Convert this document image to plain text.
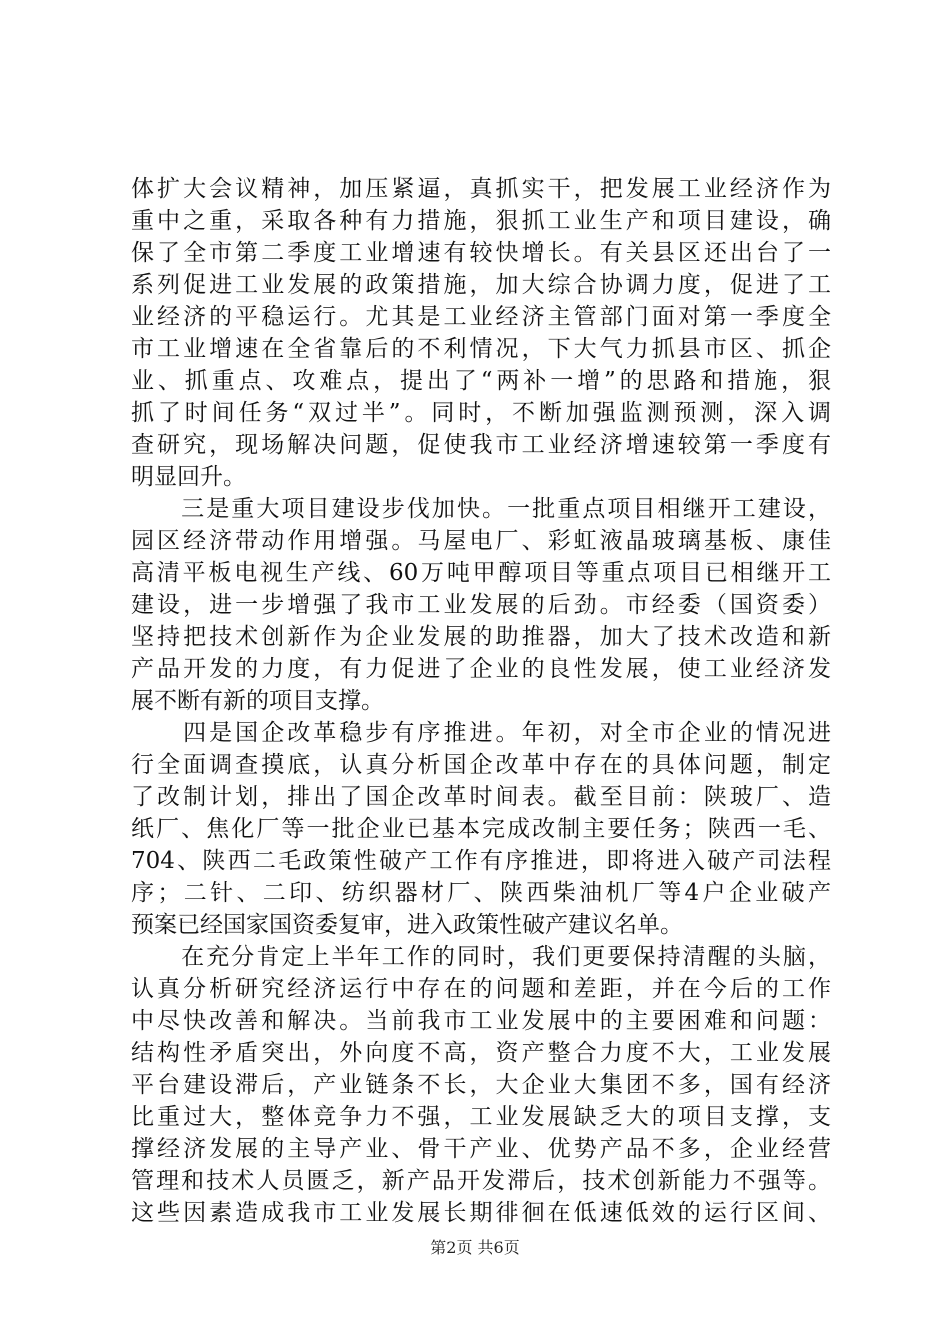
体扩大会议精神，加压紧逼，真抓实干，把发展工业经济作为
重中之重，采取各种有力措施，狠抓工业生产和项目建设，确
保了全市第二季度工业增速有较快增长。有关县区还出台了一
系列促进工业发展的政策措施，加大综合协调力度，促进了工
业经济的平稳运行。尤其是工业经济主管部门面对第一季度全
市工业增速在全省靠后的不利情况，下大气力抓县市区、抓企
业、抓重点、攻难点，提出了“两补一增”的思路和措施，狠
抓了时间任务“双过半”。同时，不断加强监测预测，深入调
查研究，现场解决问题，促使我市工业经济增速较第一季度有
明显回升。
　　三是重大项目建设步伐加快。一批重点项目相继开工建设，
园区经济带动作用增强。马屋电厂、彩虹液晶玻璃基板、康佳
高清平板电视生产线、60万吨甲醇项目等重点项目已相继开工
建设，进一步增强了我市工业发展的后劲。市经委（国资委）
坚持把技术创新作为企业发展的助推器，加大了技术改造和新
产品开发的力度，有力促进了企业的良性发展，使工业经济发
展不断有新的项目支撑。
　　四是国企改革稳步有序推进。年初，对全市企业的情况进
行全面调查摸底，认真分析国企改革中存在的具体问题，制定
了改制计划，排出了国企改革时间表。截至目前：陕玻厂、造
纸厂、焦化厂等一批企业已基本完成改制主要任务；陕西一毛、
704、陕西二毛政策性破产工作有序推进，即将进入破产司法程
序；二针、二印、纺织器材厂、陕西柴油机厂等4户企业破产
预案已经国家国资委复审，进入政策性破产建议名单。
　　在充分肯定上半年工作的同时，我们更要保持清醒的头脑，
认真分析研究经济运行中存在的问题和差距，并在今后的工作
中尽快改善和解决。当前我市工业发展中的主要困难和问题：
结构性矛盾突出，外向度不高，资产整合力度不大，工业发展
平台建设滞后，产业链条不长，大企业大集团不多，国有经济
比重过大，整体竞争力不强，工业发展缺乏大的项目支撑，支
撑经济发展的主导产业、骨干产业、优势产品不多，企业经营
管理和技术人员匮乏，新产品开发滞后，技术创新能力不强等。
这些因素造成我市工业发展长期徘徊在低速低效的运行区间、
第2页 共6页
